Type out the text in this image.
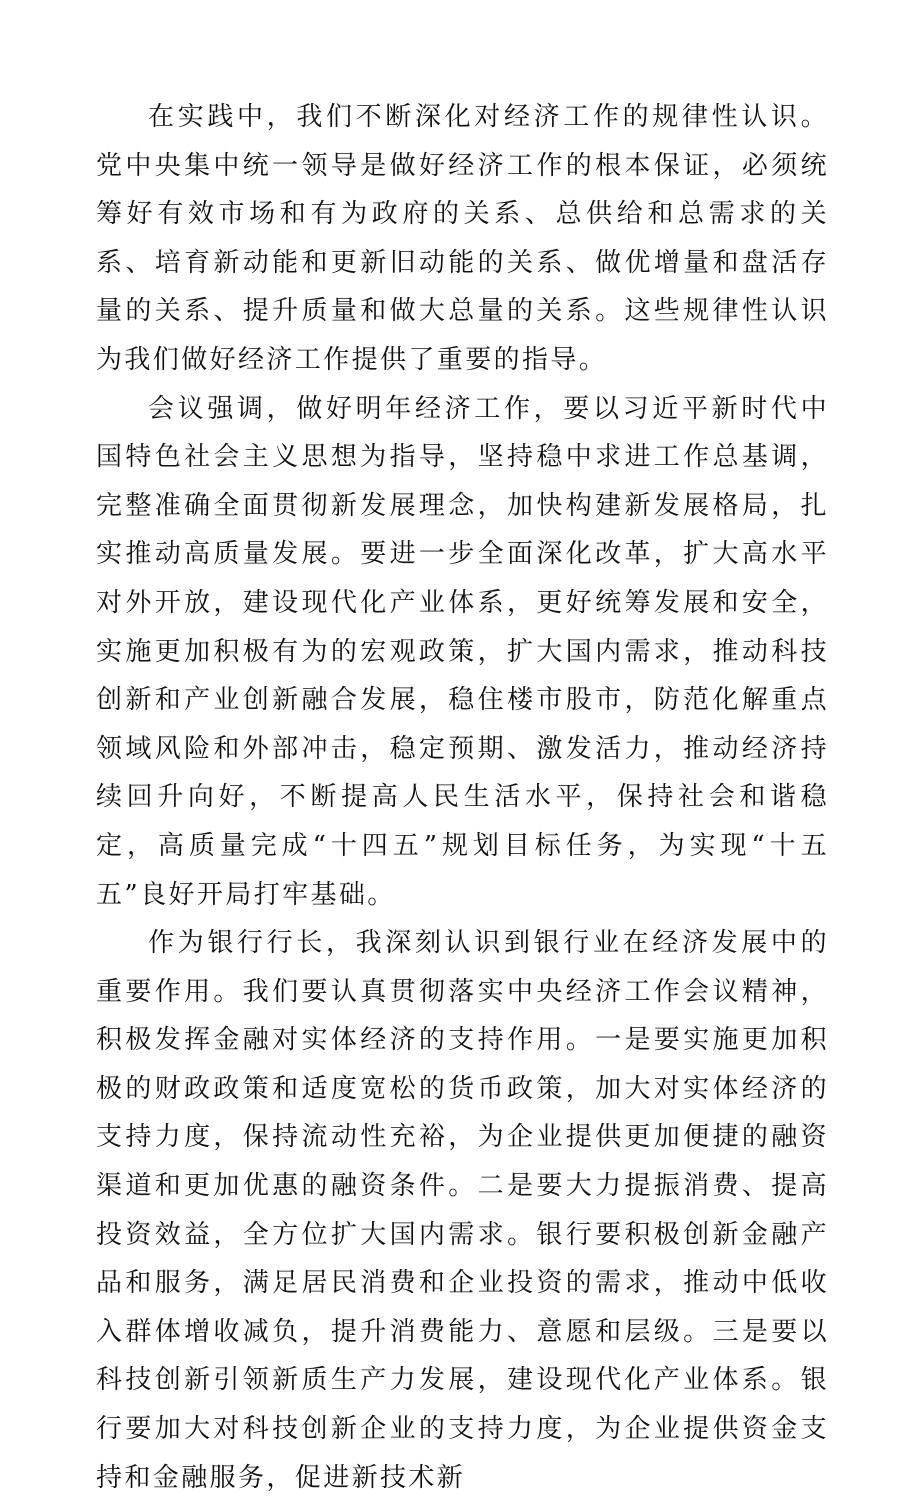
在实践中，我们不断深化对经济工作的规律性认识。党中央集中统一领导是做好经济工作的根本保证，必须统筹好有效市场和有为政府的关系、总供给和总需求的关系、培育新动能和更新旧动能的关系、做优增量和盘活存量的关系、提升质量和做大总量的关系。这些规律性认识为我们做好经济工作提供了重要的指导。

会议强调，做好明年经济工作，要以习近平新时代中国特色社会主义思想为指导，坚持稳中求进工作总基调，完整准确全面贯彻新发展理念，加快构建新发展格局，扎实推动高质量发展。要进一步全面深化改革，扩大高水平对外开放，建设现代化产业体系，更好统筹发展和安全，实施更加积极有为的宏观政策，扩大国内需求，推动科技创新和产业创新融合发展，稳住楼市股市，防范化解重点领域风险和外部冲击，稳定预期、激发活力，推动经济持续回升向好，不断提高人民生活水平，保持社会和谐稳定，高质量完成“十四五”规划目标任务，为实现“十五五”良好开局打牢基础。

作为银行行长，我深刻认识到银行业在经济发展中的重要作用。我们要认真贯彻落实中央经济工作会议精神，积极发挥金融对实体经济的支持作用。一是要实施更加积极的财政政策和适度宽松的货币政策，加大对实体经济的支持力度，保持流动性充裕，为企业提供更加便捷的融资渠道和更加优惠的融资条件。二是要大力提振消费、提高投资效益，全方位扩大国内需求。银行要积极创新金融产品和服务，满足居民消费和企业投资的需求，推动中低收入群体增收减负，提升消费能力、意愿和层级。三是要以科技创新引领新质生产力发展，建设现代化产业体系。银行要加大对科技创新企业的支持力度，为企业提供资金支持和金融服务，促进新技术新
